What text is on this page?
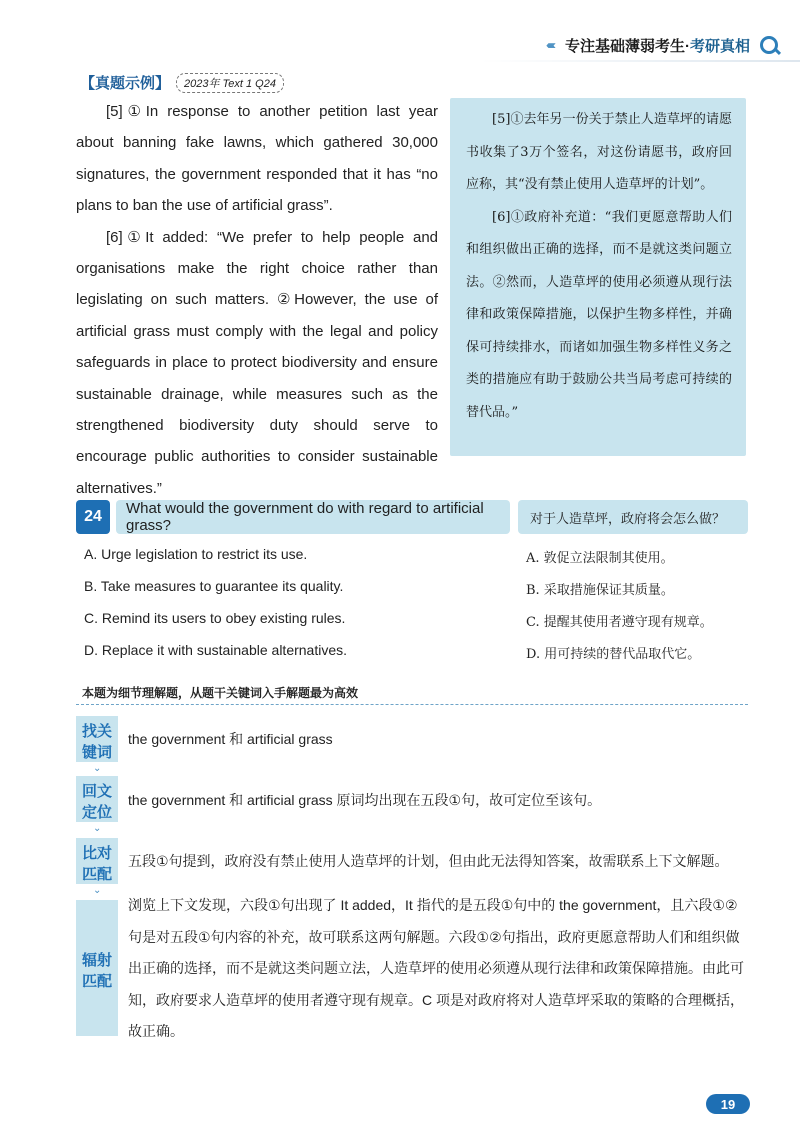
‹‹‹‹‹‹‹ 专注基础薄弱考生·考研真相
【真题示例】	2023年 Text 1 Q24

[5]①In response to another petition last year about banning fake lawns, which gathered 30,000 signatures, the government responded that it has “no plans to ban the use of artificial grass”.

[6]①It added: “We prefer to help people and organisations make the right choice rather than legislating on such matters. ②However, the use of artificial grass must comply with the legal and policy safeguards in place to protect biodiversity and ensure sustainable drainage, while measures such as the strengthened biodiversity duty should serve to encourage public authorities to consider sustainable alternatives.”

[5]①去年另一份关于禁止人造草坪的请愿书收集了3万个签名，对这份请愿书，政府回应称，其“没有禁止使用人造草坪的计划”。

[6]①政府补充道：“我们更愿意帮助人们和组织做出正确的选择，而不是就这类问题立法。②然而，人造草坪的使用必须遵从现行法律和政策保障措施，以保护生物多样性，并确保可持续排水，而诸如加强生物多样性义务之类的措施应有助于鼓励公共当局考虑可持续的替代品。”

24	What would the government do with regard to artificial grass?	对于人造草坪，政府将会怎么做？
A. Urge legislation to restrict its use.
B. Take measures to guarantee its quality.
C. Remind its users to obey existing rules.
D. Replace it with sustainable alternatives.
A. 敦促立法限制其使用。
B. 采取措施保证其质量。
C. 提醒其使用者遵守现有规章。
D. 用可持续的替代品取代它。
本题为细节理解题，从题干关键词入手解题最为高效
找关
键词
⌄
the government 和 artificial grass
回文
定位
⌄
the government 和 artificial grass 原词均出现在五段①句，故可定位至该句。
比对
匹配
⌄
五段①句提到，政府没有禁止使用人造草坪的计划，但由此无法得知答案，故需联系上下文解题。
辐射
匹配
浏览上下文发现，六段①句出现了 It added，It 指代的是五段①句中的 the government，且六段①②句是对五段①句内容的补充，故可联系这两句解题。六段①②句指出，政府更愿意帮助人们和组织做出正确的选择，而不是就这类问题立法，人造草坪的使用必须遵从现行法律和政策保障措施。由此可知，政府要求人造草坪的使用者遵守现有规章。C 项是对政府将对人造草坪采取的策略的合理概括，故正确。
19
